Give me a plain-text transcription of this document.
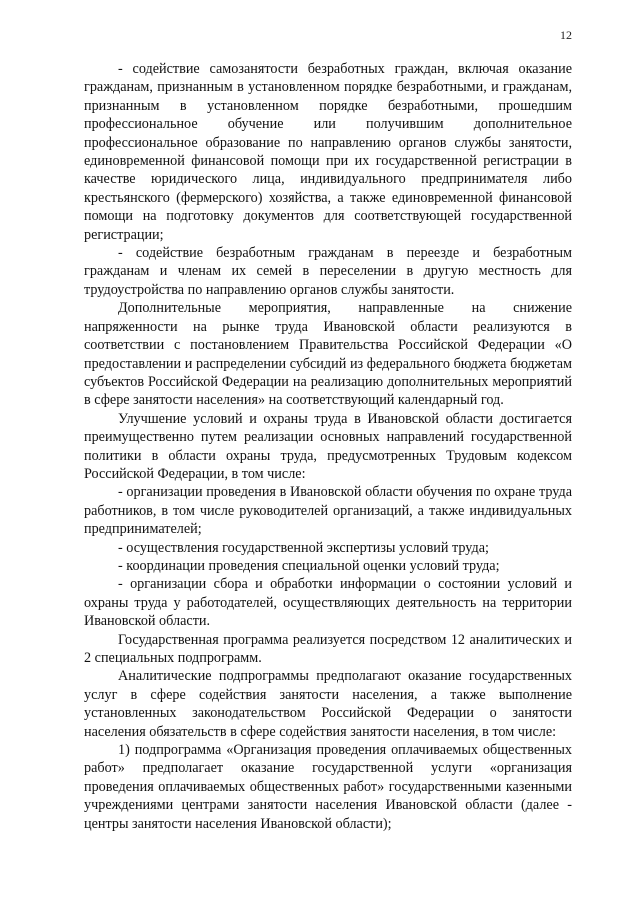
12

- содействие самозанятости безработных граждан, включая оказание гражданам, признанным в установленном порядке безработными, и гражданам, признанным в установленном порядке безработными, прошедшим профессиональное обучение или получившим дополнительное профессиональное образование по направлению органов службы занятости, единовременной финансовой помощи при их государственной регистрации в качестве юридического лица, индивидуального предпринимателя либо крестьянского (фермерского) хозяйства, а также единовременной финансовой помощи на подготовку документов для соответствующей государственной регистрации;

- содействие безработным гражданам в переезде и безработным гражданам и членам их семей в переселении в другую местность для трудоустройства по направлению органов службы занятости.

Дополнительные мероприятия, направленные на снижение напряженности на рынке труда Ивановской области реализуются в соответствии с постановлением Правительства Российской Федерации «О предоставлении и распределении субсидий из федерального бюджета бюджетам субъектов Российской Федерации на реализацию дополнительных мероприятий в сфере занятости населения» на соответствующий календарный год.

Улучшение условий и охраны труда в Ивановской области достигается преимущественно путем реализации основных направлений государственной политики в области охраны труда, предусмотренных Трудовым кодексом Российской Федерации, в том числе:

- организации проведения в Ивановской области обучения по охране труда работников, в том числе руководителей организаций, а также индивидуальных предпринимателей;

- осуществления государственной экспертизы условий труда;

- координации проведения специальной оценки условий труда;

- организации сбора и обработки информации о состоянии условий и охраны труда у работодателей, осуществляющих деятельность на территории Ивановской области.

Государственная программа реализуется посредством 12 аналитических и 2 специальных подпрограмм.

Аналитические подпрограммы предполагают оказание государственных услуг в сфере содействия занятости населения, а также выполнение установленных законодательством Российской Федерации о занятости населения обязательств в сфере содействия занятости населения, в том числе:

1) подпрограмма «Организация проведения оплачиваемых общественных работ» предполагает оказание государственной услуги «организация проведения оплачиваемых общественных работ» государственными казенными учреждениями центрами занятости населения Ивановской области (далее - центры занятости населения Ивановской области);
